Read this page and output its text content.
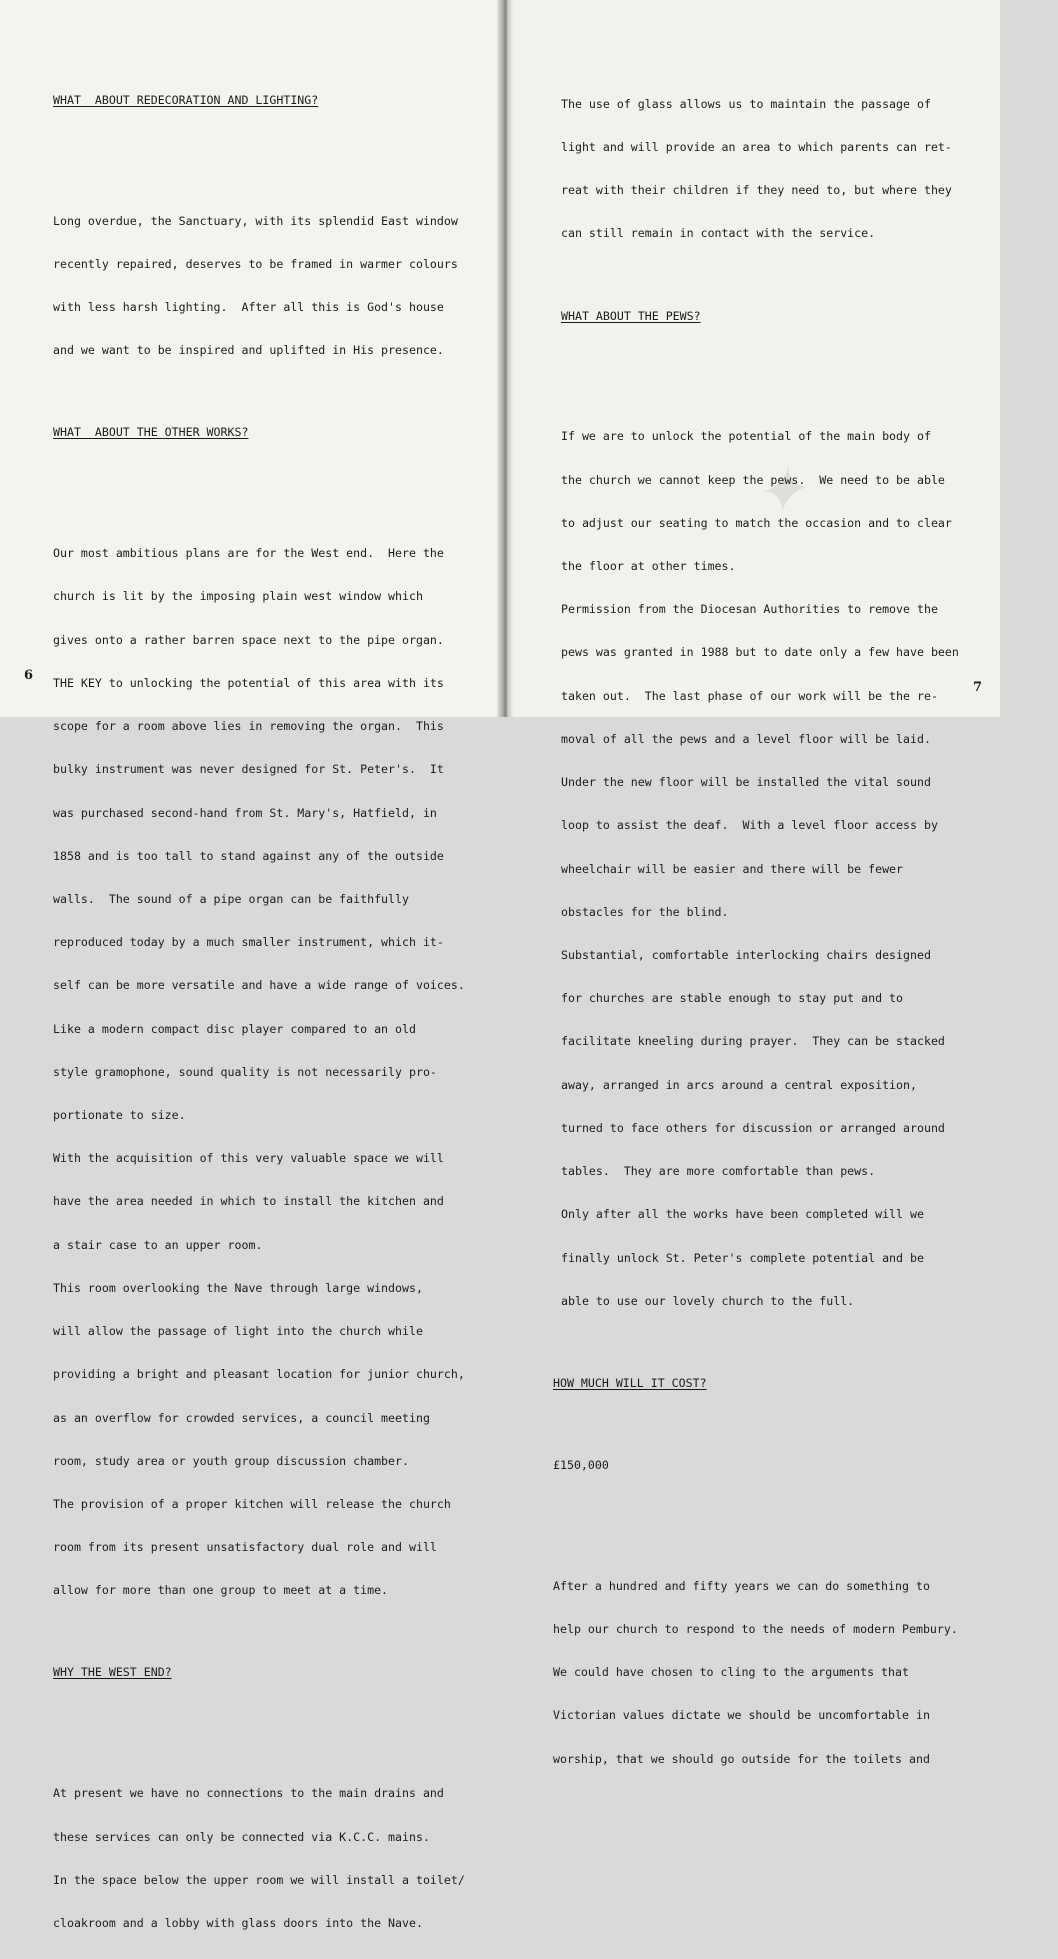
WHAT  ABOUT REDECORATION AND LIGHTING?

Long overdue, the Sanctuary, with its splendid East window

recently repaired, deserves to be framed in warmer colours

with less harsh lighting.  After all this is God's house

and we want to be inspired and uplifted in His presence.

WHAT  ABOUT THE OTHER WORKS?

Our most ambitious plans are for the West end.  Here the

church is lit by the imposing plain west window which

gives onto a rather barren space next to the pipe organ.

THE KEY to unlocking the potential of this area with its

scope for a room above lies in removing the organ.  This

bulky instrument was never designed for St. Peter's.  It

was purchased second-hand from St. Mary's, Hatfield, in

1858 and is too tall to stand against any of the outside

walls.  The sound of a pipe organ can be faithfully

reproduced today by a much smaller instrument, which it-

self can be more versatile and have a wide range of voices.

Like a modern compact disc player compared to an old

style gramophone, sound quality is not necessarily pro-

portionate to size.

With the acquisition of this very valuable space we will

have the area needed in which to install the kitchen and

a stair case to an upper room.

This room overlooking the Nave through large windows,

will allow the passage of light into the church while

providing a bright and pleasant location for junior church,

as an overflow for crowded services, a council meeting

room, study area or youth group discussion chamber.

The provision of a proper kitchen will release the church

room from its present unsatisfactory dual role and will

allow for more than one group to meet at a time.

WHY THE WEST END?

At present we have no connections to the main drains and

these services can only be connected via K.C.C. mains.

In the space below the upper room we will install a toilet/

cloakroom and a lobby with glass doors into the Nave.

6
✦

The use of glass allows us to maintain the passage of

light and will provide an area to which parents can ret-

reat with their children if they need to, but where they

can still remain in contact with the service.

WHAT ABOUT THE PEWS?

If we are to unlock the potential of the main body of

the church we cannot keep the pews.  We need to be able

to adjust our seating to match the occasion and to clear

the floor at other times.

Permission from the Diocesan Authorities to remove the

pews was granted in 1988 but to date only a few have been

taken out.  The last phase of our work will be the re-

moval of all the pews and a level floor will be laid.

Under the new floor will be installed the vital sound

loop to assist the deaf.  With a level floor access by

wheelchair will be easier and there will be fewer

obstacles for the blind.

Substantial, comfortable interlocking chairs designed

for churches are stable enough to stay put and to

facilitate kneeling during prayer.  They can be stacked

away, arranged in arcs around a central exposition,

turned to face others for discussion or arranged around

tables.  They are more comfortable than pews.

Only after all the works have been completed will we

finally unlock St. Peter's complete potential and be

able to use our lovely church to the full.

HOW MUCH WILL IT COST?

£150,000

After a hundred and fifty years we can do something to

help our church to respond to the needs of modern Pembury.

We could have chosen to cling to the arguments that

Victorian values dictate we should be uncomfortable in

worship, that we should go outside for the toilets and

7
